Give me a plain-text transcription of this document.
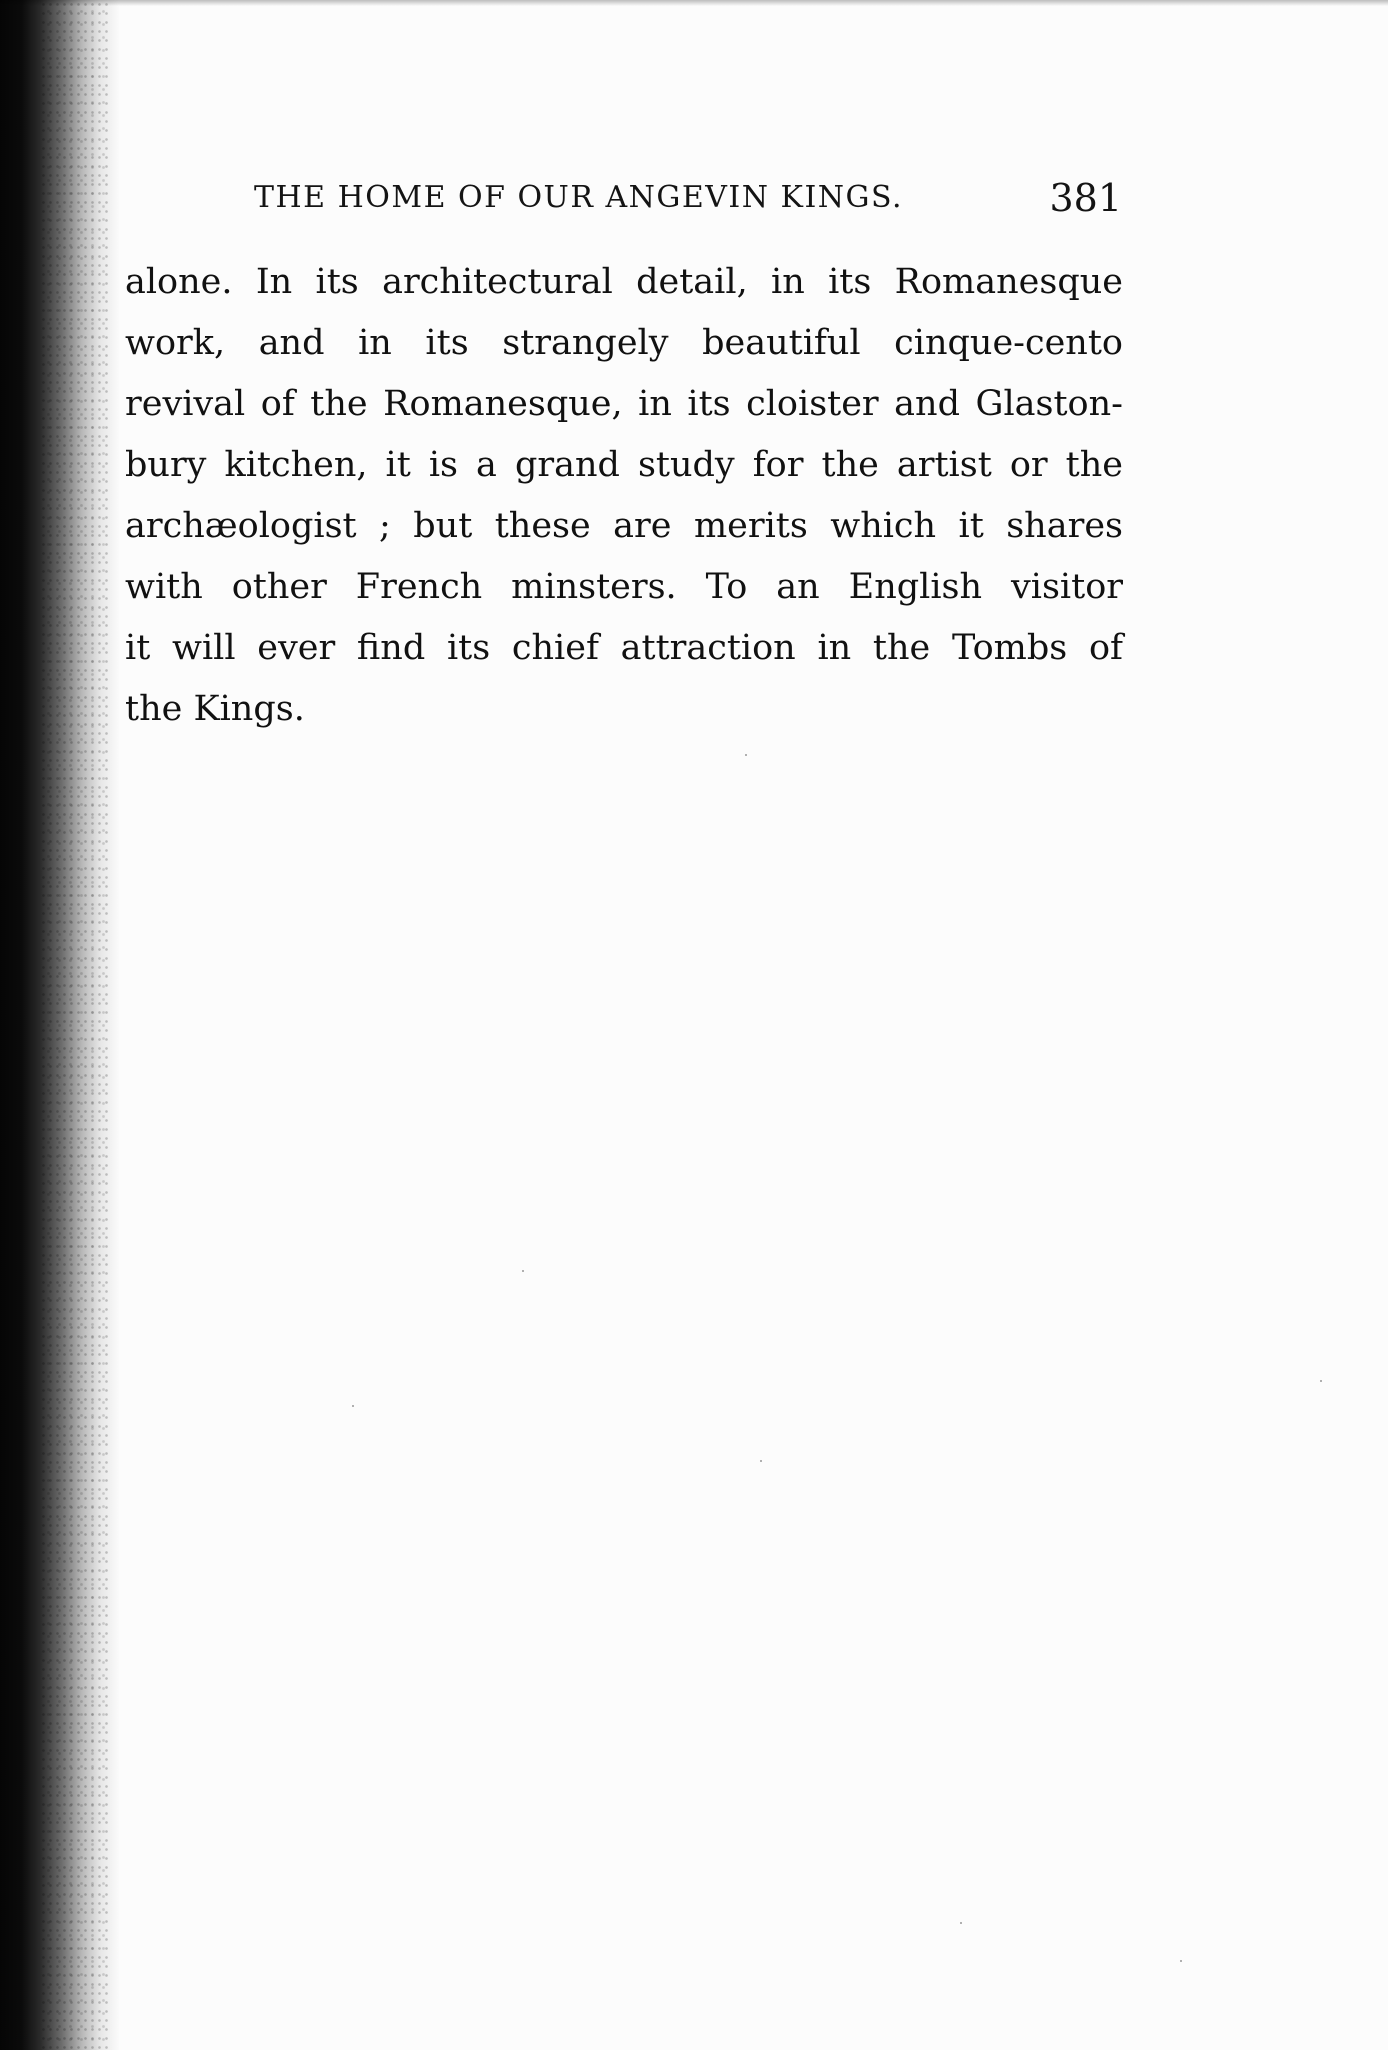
THE HOME OF OUR ANGEVIN KINGS.	381
alone. In its architectural detail, in its Romanesque
work, and in its strangely beautiful cinque-cento
revival of the Romanesque, in its cloister and Glaston-
bury kitchen, it is a grand study for the artist or the
archæologist ; but these are merits which it shares
with other French minsters. To an English visitor
it will ever find its chief attraction in the Tombs of
the Kings.
